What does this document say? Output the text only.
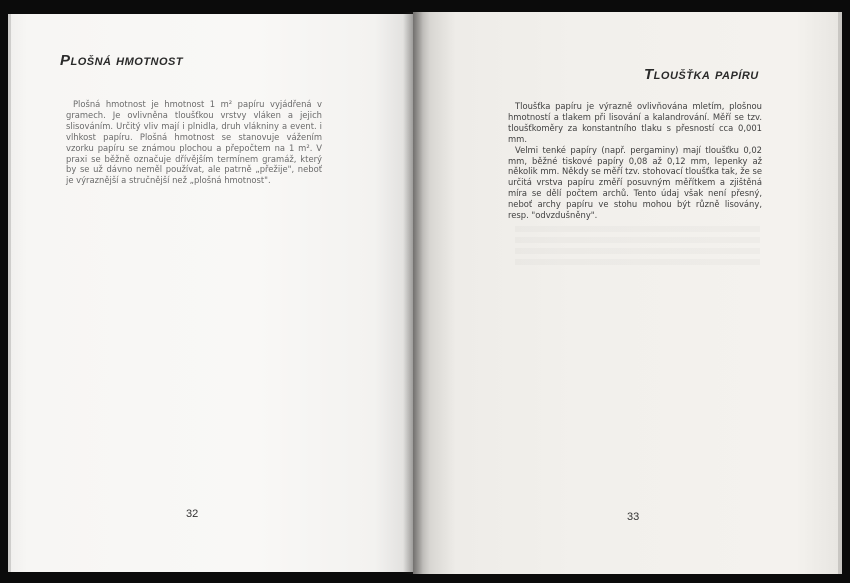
Plošná hmotnost

Plošná hmotnost je hmotnost 1 m² papíru vyjádřená v gramech. Je ovlivněna tloušťkou vrstvy vláken a jejich slisováním. Určitý vliv mají i plnidla, druh vlákniny a event. i vlhkost papíru. Plošná hmotnost se stanovuje vážením vzorku papíru se známou plochou a přepočtem na 1 m². V praxi se běžně označuje dřívějším termínem gramáž, který by se už dávno neměl používat, ale patrně „přežije", neboť je výraznější a stručnější než „plošná hmotnost".

32
Tloušťka papíru

Tloušťka papíru je výrazně ovlivňována mletím, plošnou hmotností a tlakem při lisování a kalandrování. Měří se tzv. tloušťkoměry za konstantního tlaku s přesností cca 0,001 mm.

Velmi tenké papíry (např. pergaminy) mají tloušťku 0,02 mm, běžné tiskové papíry 0,08 až 0,12 mm, lepenky až několik mm. Někdy se měří tzv. stohovací tloušťka tak, že se určitá vrstva papíru změří posuvným měřítkem a zjištěná míra se dělí počtem archů. Tento údaj však není přesný, neboť archy papíru ve stohu mohou být různě lisovány, resp. "odvzdušněny".

33
